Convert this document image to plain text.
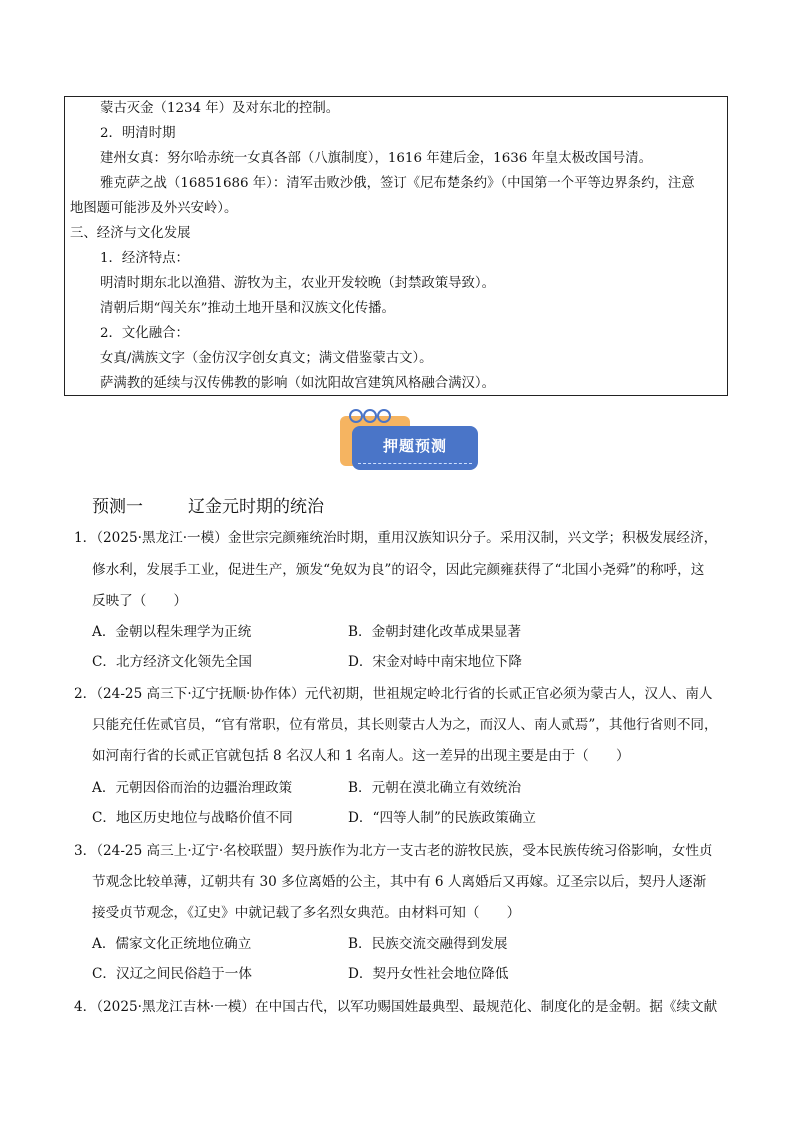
蒙古灭金（1234 年）及对东北的控制。
2．明清时期
建州女真：努尔哈赤统一女真各部（八旗制度），1616 年建后金，1636 年皇太极改国号清。
雅克萨之战（16851686 年）：清军击败沙俄，签订《尼布楚条约》（中国第一个平等边界条约，注意
地图题可能涉及外兴安岭）。
三、经济与文化发展
1．经济特点：
明清时期东北以渔猎、游牧为主，农业开发较晚（封禁政策导致）。
清朝后期“闯关东”推动土地开垦和汉族文化传播。
2．文化融合：
女真/满族文字（金仿汉字创女真文；满文借鉴蒙古文）。
萨满教的延续与汉传佛教的影响（如沈阳故宫建筑风格融合满汉）。
押题预测
预测一	辽金元时期的统治
1．（2025·黑龙江·一模）金世宗完颜雍统治时期，重用汉族知识分子。采用汉制，兴文学；积极发展经济，
修水利，发展手工业，促进生产，颁发“免奴为良”的诏令，因此完颜雍获得了“北国小尧舜”的称呼，这
反映了（　　）
A．金朝以程朱理学为正统	B．金朝封建化改革成果显著
C．北方经济文化领先全国	D．宋金对峙中南宋地位下降
2．（24-25 高三下·辽宁抚顺·协作体）元代初期，世祖规定岭北行省的长贰正官必须为蒙古人，汉人、南人
只能充任佐贰官员，“官有常职，位有常员，其长则蒙古人为之，而汉人、南人贰焉”，其他行省则不同，
如河南行省的长贰正官就包括 8 名汉人和 1 名南人。这一差异的出现主要是由于（　　）
A．元朝因俗而治的边疆治理政策	B．元朝在漠北确立有效统治
C．地区历史地位与战略价值不同	D．“四等人制”的民族政策确立
3．（24-25 高三上·辽宁·名校联盟）契丹族作为北方一支古老的游牧民族，受本民族传统习俗影响，女性贞
节观念比较单薄，辽朝共有 30 多位离婚的公主，其中有 6 人离婚后又再嫁。辽圣宗以后，契丹人逐渐
接受贞节观念，《辽史》中就记载了多名烈女典范。由材料可知（　　）
A．儒家文化正统地位确立	B．民族交流交融得到发展
C．汉辽之间民俗趋于一体	D．契丹女性社会地位降低
4．（2025·黑龙江吉林·一模）在中国古代，以军功赐国姓最典型、最规范化、制度化的是金朝。据《续文献
